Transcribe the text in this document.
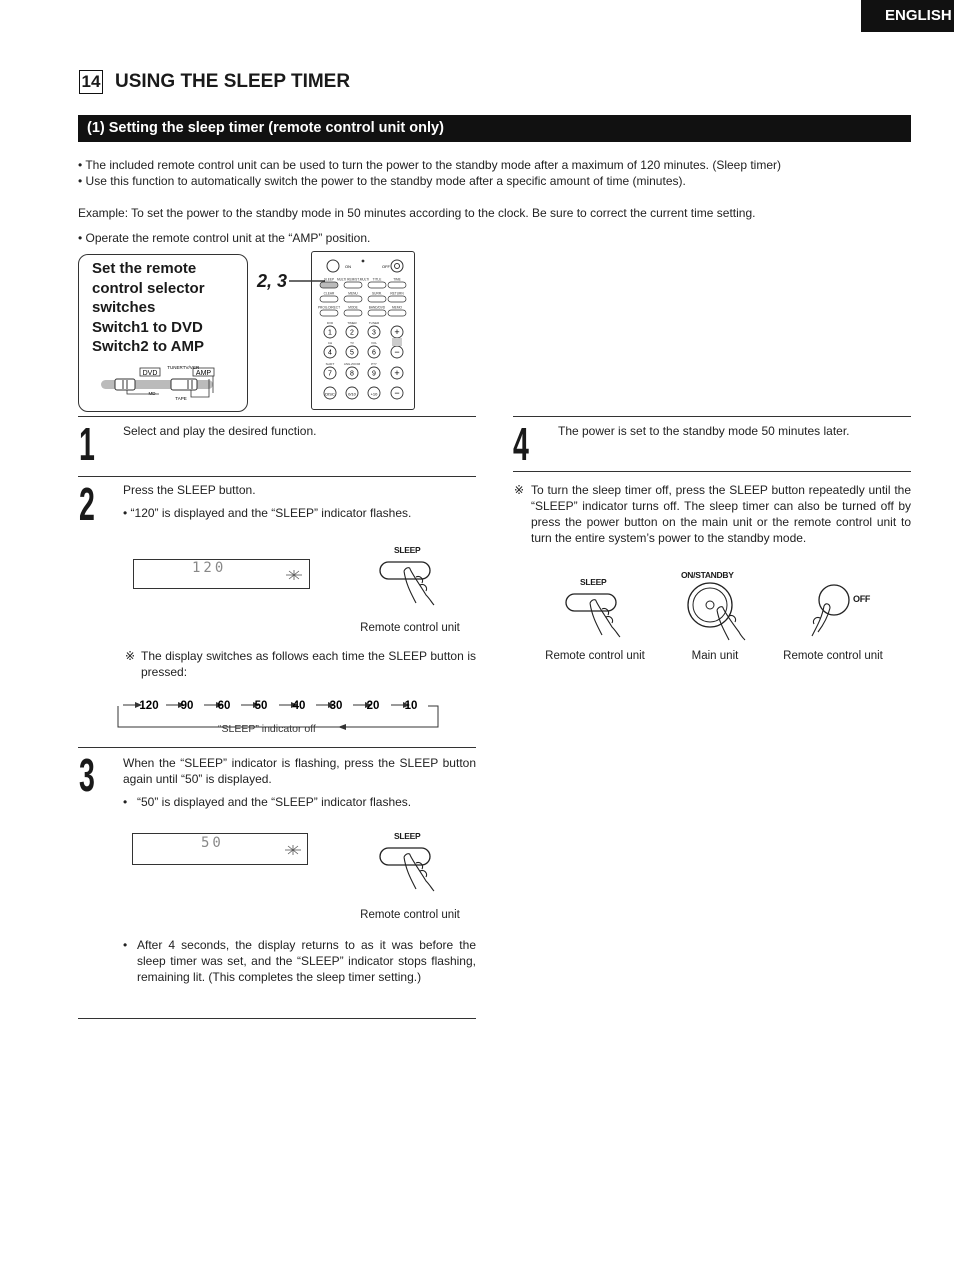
ENGLISH
14 USING THE SLEEP TIMER
(1) Setting the sleep timer (remote control unit only)
• The included remote control unit can be used to turn the power to the standby mode after a maximum of 120 minutes. (Sleep timer)
• Use this function to automatically switch the power to the standby mode after a specific amount of time (minutes).
Example: To set the power to the standby mode in 50 minutes according to the clock. Be sure to correct the current time setting.
• Operate the remote control unit at the “AMP” position.
Set the remote
control selector
switches
Switch1 to DVD
Switch2 to AMP
DVD	AMP
TUNER TV/VCR
MD
TAPE
2, 3
ON	OFF
SLEEP MULTI REM/ST.MULTI TITLE	TIME
CLEAR	MENU	SURR.	RETURN
PROG.DIRECT	MODE	BAND/DVD MEMO
1
DVD
2
TIMER
3
TUNER
4
CH
5
TV
6
VOL
7
SHIFT
8
ANG.ZOOM
9
PTY
DISC	0/10	+10
+
−
+
−
1 Select and play the desired function.
2 Press the SLEEP button.
• “120” is displayed and the “SLEEP” indicator flashes.
120
SLEEP
Remote control unit
※ The display switches as follows each time the SLEEP button is pressed:
120 90 60 50 40 30 20 10
“SLEEP” indicator off
3 When the “SLEEP” indicator is flashing, press the SLEEP button again until “50” is displayed.
• “50” is displayed and the “SLEEP” indicator flashes.
50	SLEEP
Remote control unit
• After 4 seconds, the display returns to as it was before the sleep timer was set, and the “SLEEP” indicator stops flashing, remaining lit. (This completes the sleep timer setting.)
4 The power is set to the standby mode 50 minutes later.
※ To turn the sleep timer off, press the SLEEP button repeatedly until the “SLEEP” indicator turns off. The sleep timer can also be turned off by press the power button on the main unit or the remote control unit to turn the entire system’s power to the standby mode.
SLEEP
ON/STANDBY
OFF
Remote control unit	Main unit	Remote control unit
